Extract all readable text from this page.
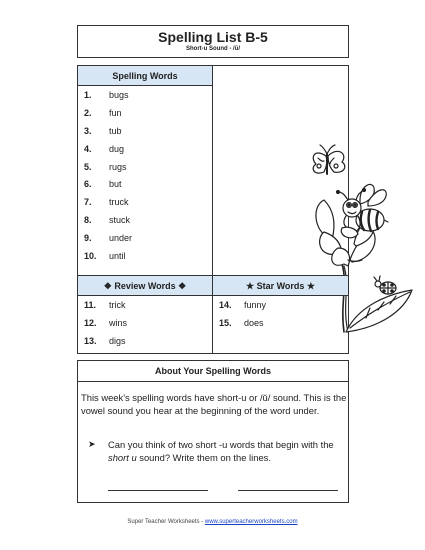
Spelling List B-5
Short-u Sound - /ŭ/
Spelling Words
1. bugs
2. fun
3. tub
4. dug
5. rugs
6. but
7. truck
8. stuck
9. under
10. until
❖ Review Words ❖	★ Star Words ★
11. trick
12. wins
13. digs
14. funny
15. does
About Your Spelling Words
This week's spelling words have short-u or /ŭ/ sound. This is the vowel sound you hear at the beginning of the word under.
➤ Can you think of two short -u words that begin with the short u sound? Write them on the lines.
Super Teacher Worksheets - www.superteacherworksheets.com
